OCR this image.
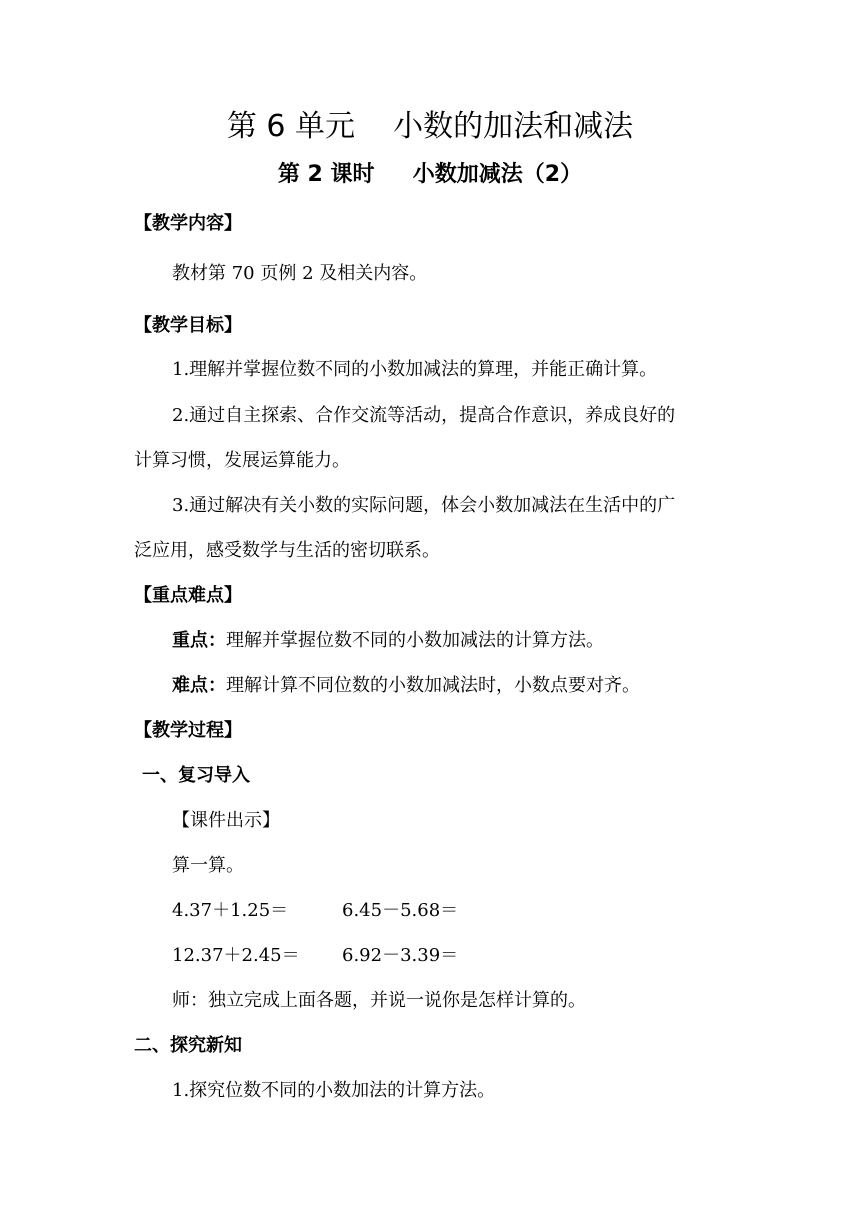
第 6 单元    小数的加法和减法
第 2 课时     小数加减法（2）
【教学内容】
教材第 70 页例 2 及相关内容。
【教学目标】
1.理解并掌握位数不同的小数加减法的算理，并能正确计算。
2.通过自主探索、合作交流等活动，提高合作意识，养成良好的
计算习惯，发展运算能力。
3.通过解决有关小数的实际问题，体会小数加减法在生活中的广
泛应用，感受数学与生活的密切联系。
【重点难点】
重点：理解并掌握位数不同的小数加减法的计算方法。
难点：理解计算不同位数的小数加减法时，小数点要对齐。
【教学过程】
一、复习导入
【课件出示】
算一算。
4.37＋1.25＝	6.45－5.68＝
12.37＋2.45＝ 6.92－3.39＝
师：独立完成上面各题，并说一说你是怎样计算的。
二、探究新知
1.探究位数不同的小数加法的计算方法。
